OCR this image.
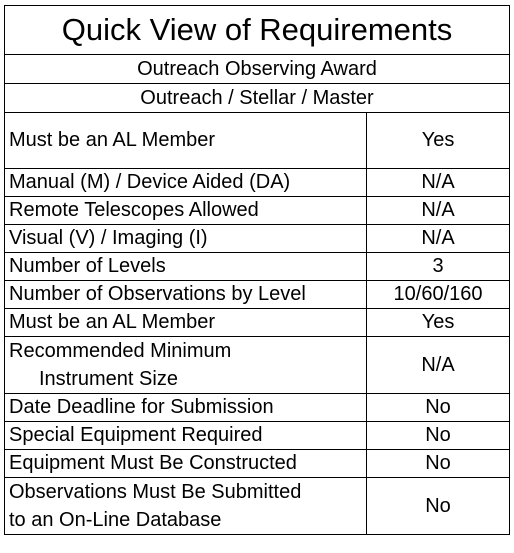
Quick View of Requirements	
Outreach Observing Award	
Outreach / Stellar / Master	
Must be an AL Member	Yes
Manual (M) / Device Aided (DA)	N/A
Remote Telescopes Allowed	N/A
Visual (V) / Imaging (I)	N/A
Number of Levels	3
Number of Observations by Level	10/60/160
Must be an AL Member	Yes

Recommended Minimum
Instrument Size	N/A
Date Deadline for Submission	No
Special Equipment Required	No
Equipment Must Be Constructed	No

Observations Must Be Submitted
to an On-Line Database	No
